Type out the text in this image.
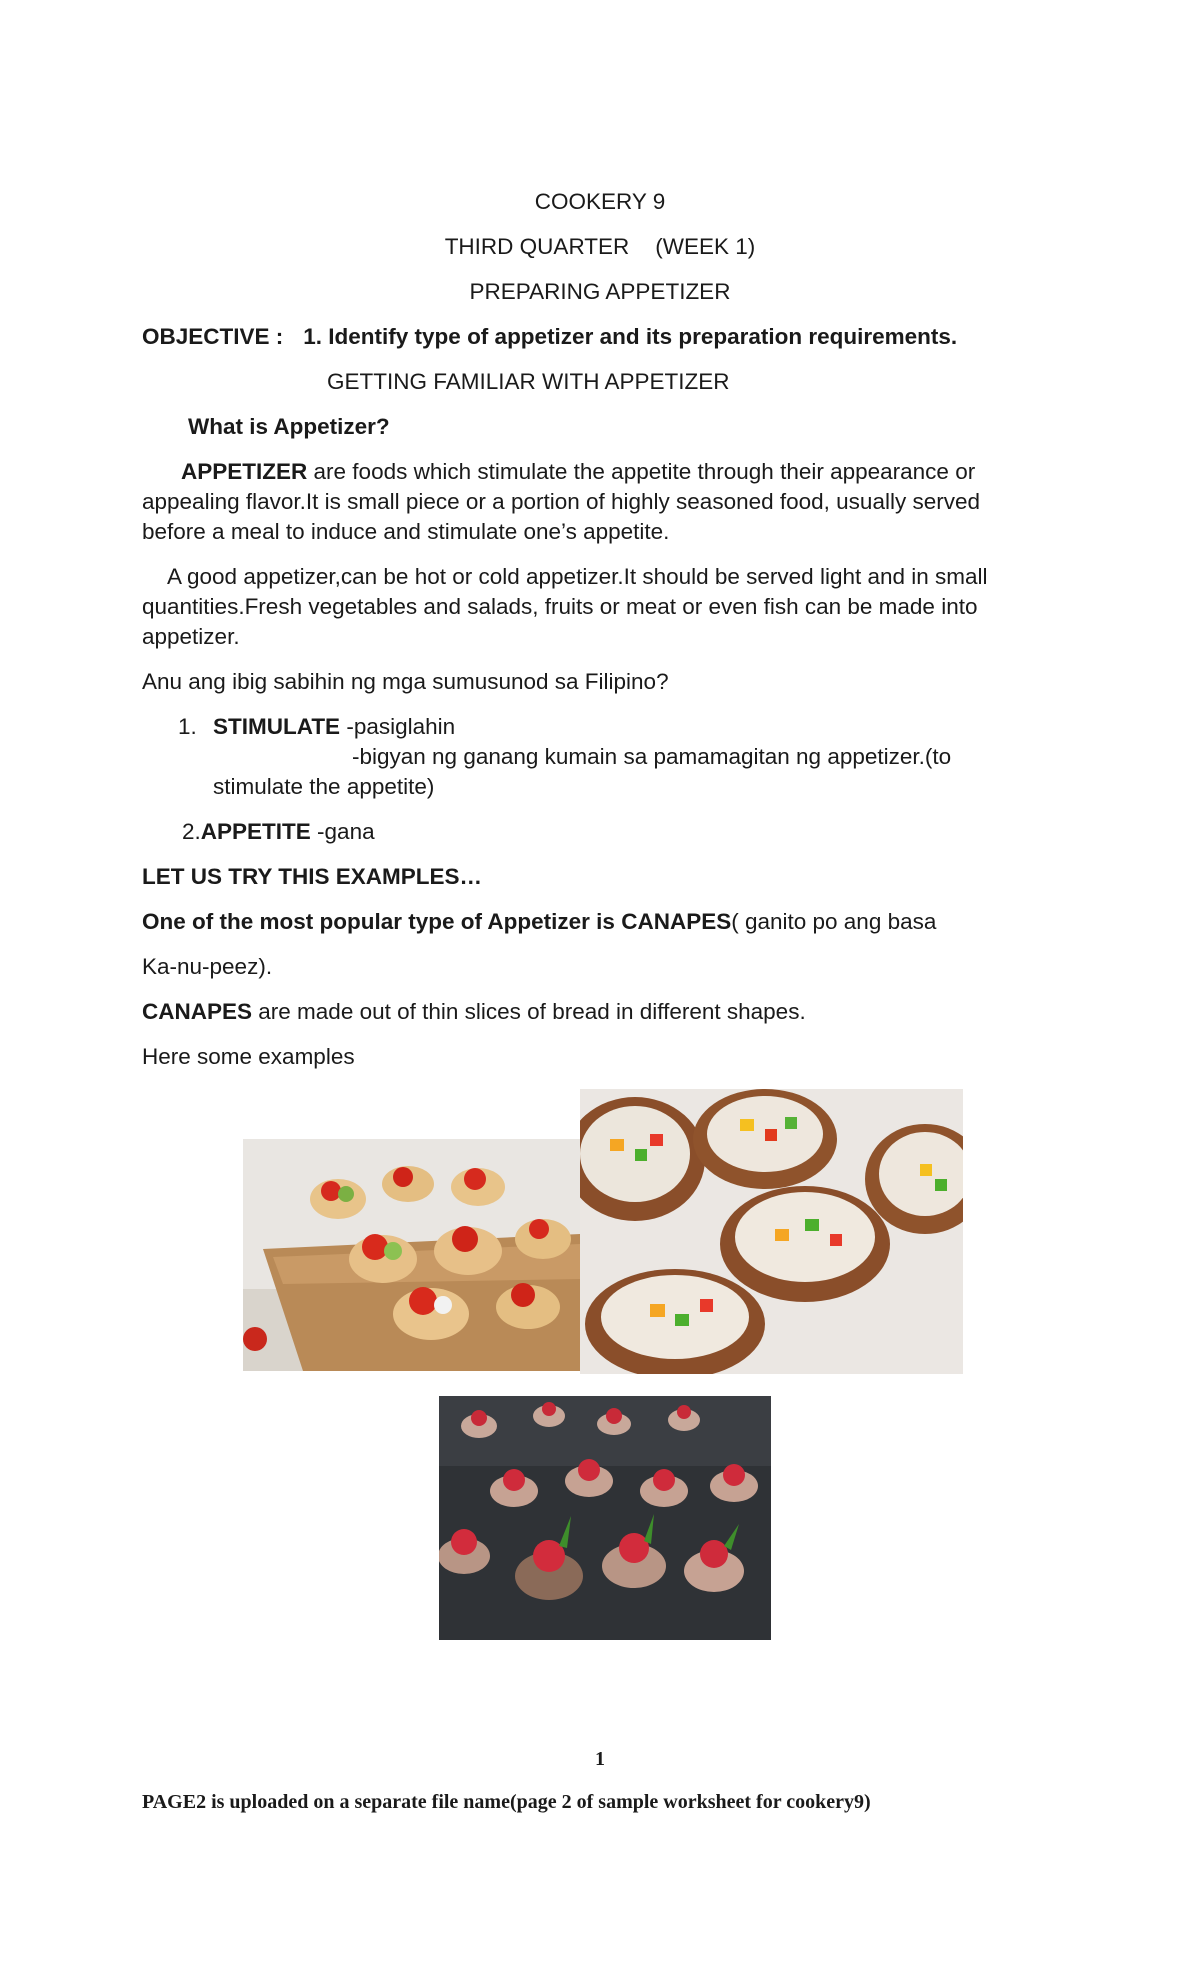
COOKERY 9
THIRD QUARTER (WEEK 1)
PREPARING APPETIZER
OBJECTIVE : 1. Identify type of appetizer and its preparation requirements.
GETTING FAMILIAR WITH APPETIZER
What is Appetizer?
APPETIZER are foods which stimulate the appetite through their appearance or
appealing flavor.It is small piece or a portion of highly seasoned food, usually served
before a meal to induce and stimulate one’s appetite.
A good appetizer,can be hot or cold appetizer.It should be served light and in small
quantities.Fresh vegetables and salads, fruits or meat or even fish can be made into
appetizer.
Anu ang ibig sabihin ng mga sumusunod sa Filipino?
1. STIMULATE -pasiglahin
-bigyan ng ganang kumain sa pamamagitan ng appetizer.(to
stimulate the appetite)
2.APPETITE -gana
LET US TRY THIS EXAMPLES…
One of the most popular type of Appetizer is CANAPES( ganito po ang basa
Ka-nu-peez).
CANAPES are made out of thin slices of bread in different shapes.
Here some examples
1
PAGE2 is uploaded on a separate file name(page 2 of sample worksheet for cookery9)
